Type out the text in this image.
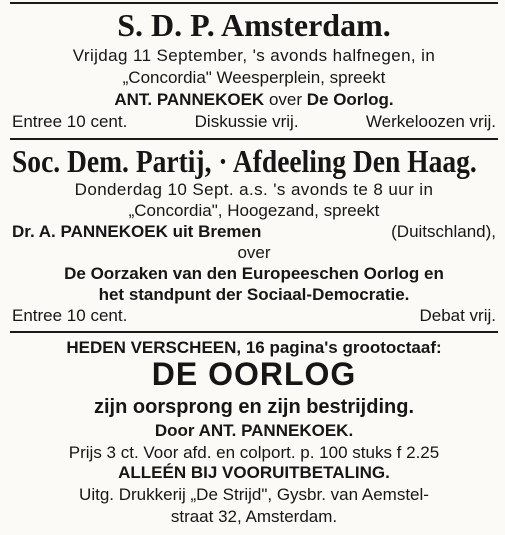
S. D. P. Amsterdam.
Vrijdag 11 September, 's avonds halfnegen, in
„Concordia" Weesperplein, spreekt
ANT. PANNEKOEK over De Oorlog.
Entree 10 cent.	Diskussie vrij.	Werkeloozen vrij.
Soc. Dem. Partij, · Afdeeling Den Haag.
Donderdag 10 Sept. a.s. 's avonds te 8 uur in
„Concordia", Hoogezand, spreekt
Dr. A. PANNEKOEK uit Bremen	(Duitschland),
over
De Oorzaken van den Europeeschen Oorlog en
het standpunt der Sociaal-Democratie.
Entree 10 cent.	Debat vrij.
HEDEN VERSCHEEN, 16 pagina's grootoctaaf:
DE OORLOG
zijn oorsprong en zijn bestrijding.
Door ANT. PANNEKOEK.
Prijs 3 ct. Voor afd. en colport. p. 100 stuks f 2.25
ALLEÉN BIJ VOORUITBETALING.
Uitg. Drukkerij „De Strijd", Gysbr. van Aemstel-
straat 32, Amsterdam.
